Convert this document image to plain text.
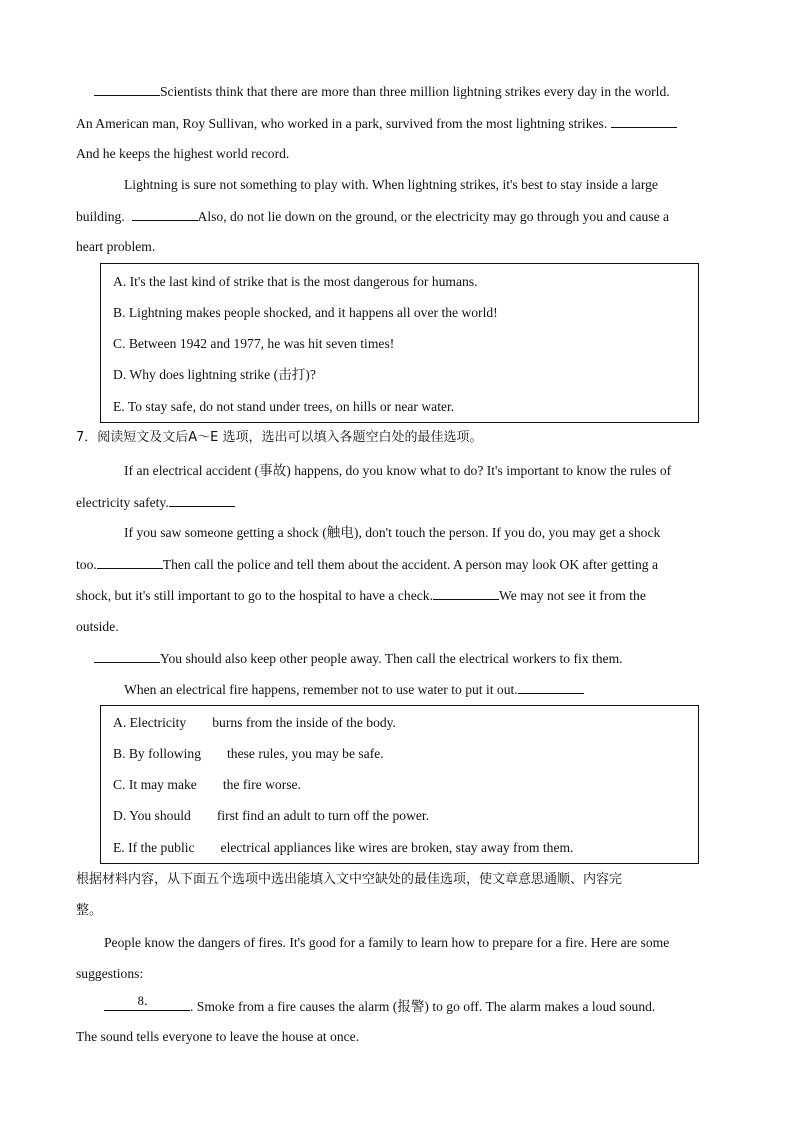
Scientists think that there are more than three million lightning strikes every day in the world.
An American man, Roy Sullivan, who worked in a park, survived from the most lightning strikes.
And he keeps the highest world record.
Lightning is sure not something to play with. When lightning strikes, it's best to stay inside a large
building.	Also, do not lie down on the ground, or the electricity may go through you and cause a
heart problem.
A. It's the last kind of strike that is the most dangerous for humans.
B. Lightning makes people shocked, and it happens all over the world!
C. Between 1942 and 1977, he was hit seven times!
D. Why does lightning strike (击打)?
E. To stay safe, do not stand under trees, on hills or near water.
7．阅读短文及文后A～E 选项，选出可以填入各题空白处的最佳选项。
If an electrical accident (事故) happens, do you know what to do? It's important to know the rules of
electricity safety.
If you saw someone getting a shock (触电), don't touch the person. If you do, you may get a shock
too.	Then call the police and tell them about the accident. A person may look OK after getting a
shock, but it's still important to go to the hospital to have a check.	We may not see it from the
outside.
You should also keep other people away. Then call the electrical workers to fix them.
When an electrical fire happens, remember not to use water to put it out.
A. Electricity burns from the inside of the body.
B. By following these rules, you may be safe.
C. It may make the fire worse.
D. You should first find an adult to turn off the power.
E. If the public electrical appliances like wires are broken, stay away from them.
根据材料内容，从下面五个选项中选出能填入文中空缺处的最佳选项，使文章意思通顺、内容完
整。
People know the dangers of fires. It's good for a family to learn how to prepare for a fire. Here are some
suggestions:
8．	. Smoke from a fire causes the alarm (报警) to go off. The alarm makes a loud sound.
The sound tells everyone to leave the house at once.
